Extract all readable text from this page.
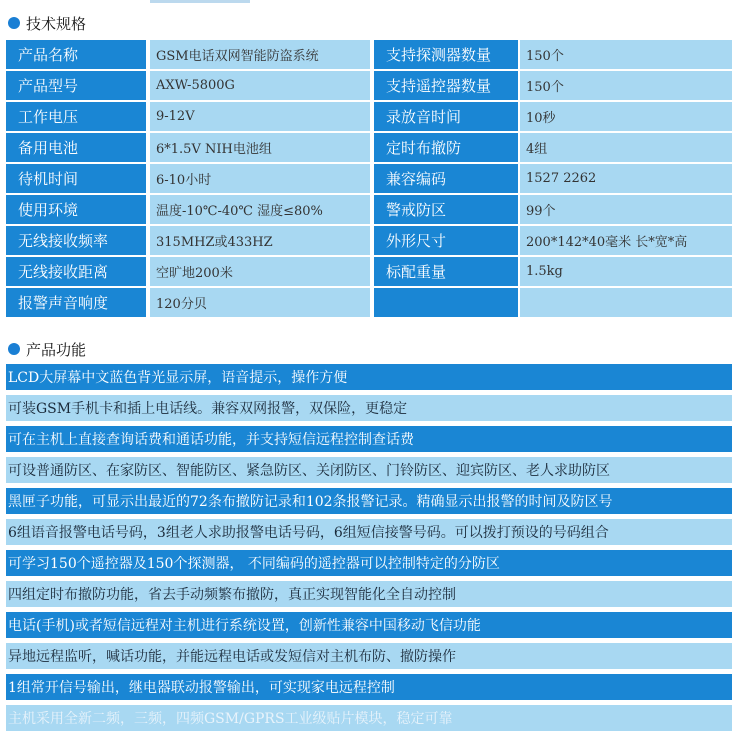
技术规格
产品名称	GSM电话双网智能防盗系统	支持探测器数量	150个
产品型号	AXW-5800G	支持遥控器数量	150个
工作电压	9-12V	录放音时间	10秒
备用电池	6*1.5V NIH电池组	定时布撤防	4组
待机时间	6-10小时	兼容编码	1527 2262
使用环境	温度-10℃-40℃ 湿度≤80%	警戒防区	99个
无线接收频率	315MHZ或433HZ	外形尺寸	200*142*40毫米 长*宽*高
无线接收距离	空旷地200米	标配重量	1.5kg
报警声音响度	120分贝
产品功能
LCD大屏幕中文蓝色背光显示屏，语音提示，操作方便
可装GSM手机卡和插上电话线。兼容双网报警，双保险，更稳定
可在主机上直接查询话费和通话功能，并支持短信远程控制查话费
可设普通防区、在家防区、智能防区、紧急防区、关闭防区、门铃防区、迎宾防区、老人求助防区
黑匣子功能，可显示出最近的72条布撤防记录和102条报警记录。精确显示出报警的时间及防区号
6组语音报警电话号码，3组老人求助报警电话号码，6组短信接警号码。可以拨打预设的号码组合
可学习150个遥控器及150个探测器， 不同编码的遥控器可以控制特定的分防区
四组定时布撤防功能，省去手动频繁布撤防，真正实现智能化全自动控制
电话(手机)或者短信远程对主机进行系统设置，创新性兼容中国移动飞信功能
异地远程监听，喊话功能，并能远程电话或发短信对主机布防、撤防操作
1组常开信号输出，继电器联动报警输出，可实现家电远程控制
主机采用全新二频，三频，四频GSM/GPRS工业级贴片模块，稳定可靠
